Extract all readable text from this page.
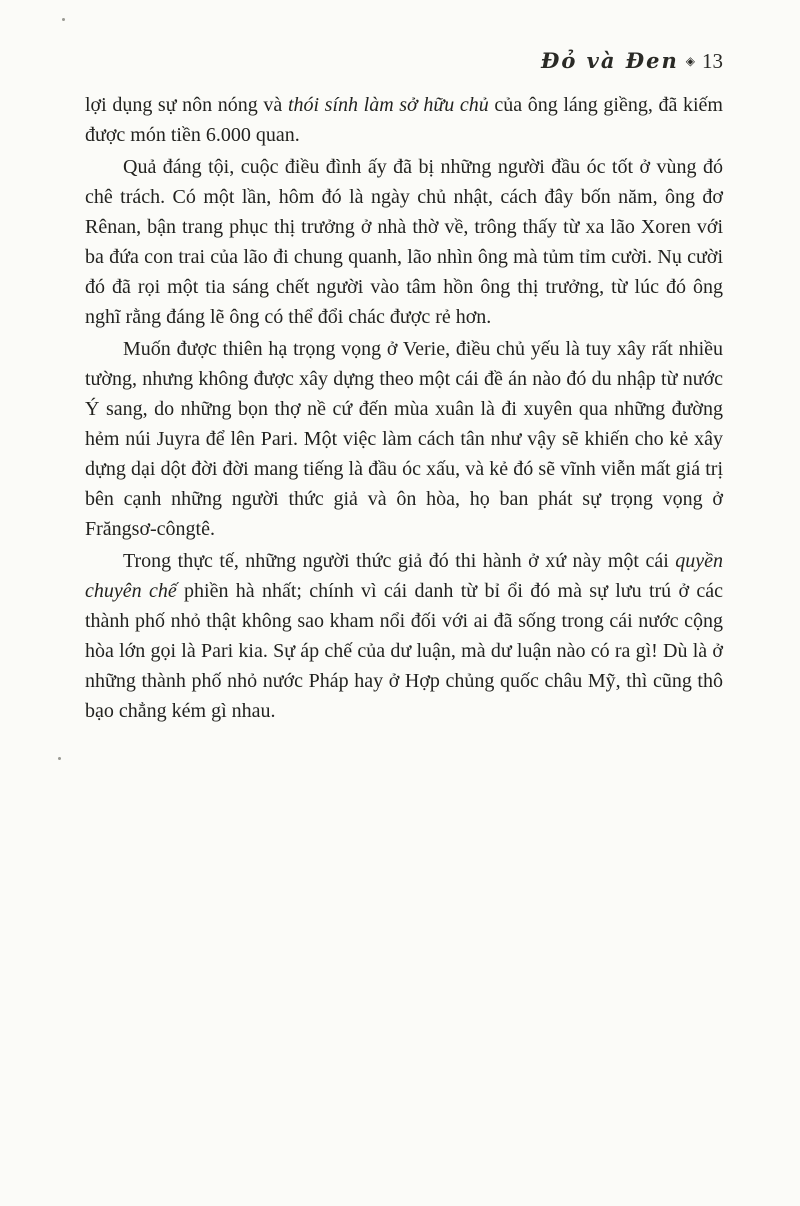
Đỏ và Đen ◈ 13

lợi dụng sự nôn nóng và thói sính làm sở hữu chủ của ông láng giềng, đã kiếm được món tiền 6.000 quan.

Quả đáng tội, cuộc điều đình ấy đã bị những người đầu óc tốt ở vùng đó chê trách. Có một lần, hôm đó là ngày chủ nhật, cách đây bốn năm, ông đơ Rênan, bận trang phục thị trưởng ở nhà thờ về, trông thấy từ xa lão Xoren với ba đứa con trai của lão đi chung quanh, lão nhìn ông mà tủm tỉm cười. Nụ cười đó đã rọi một tia sáng chết người vào tâm hồn ông thị trưởng, từ lúc đó ông nghĩ rằng đáng lẽ ông có thể đổi chác được rẻ hơn.

Muốn được thiên hạ trọng vọng ở Verie, điều chủ yếu là tuy xây rất nhiều tường, nhưng không được xây dựng theo một cái đề án nào đó du nhập từ nước Ý sang, do những bọn thợ nề cứ đến mùa xuân là đi xuyên qua những đường hẻm núi Juyra để lên Pari. Một việc làm cách tân như vậy sẽ khiến cho kẻ xây dựng dại dột đời đời mang tiếng là đầu óc xấu, và kẻ đó sẽ vĩnh viễn mất giá trị bên cạnh những người thức giả và ôn hòa, họ ban phát sự trọng vọng ở Frăngsơ-côngtê.

Trong thực tế, những người thức giả đó thi hành ở xứ này một cái quyền chuyên chế phiền hà nhất; chính vì cái danh từ bỉ ổi đó mà sự lưu trú ở các thành phố nhỏ thật không sao kham nổi đối với ai đã sống trong cái nước cộng hòa lớn gọi là Pari kia. Sự áp chế của dư luận, mà dư luận nào có ra gì! Dù là ở những thành phố nhỏ nước Pháp hay ở Hợp chủng quốc châu Mỹ, thì cũng thô bạo chẳng kém gì nhau.
